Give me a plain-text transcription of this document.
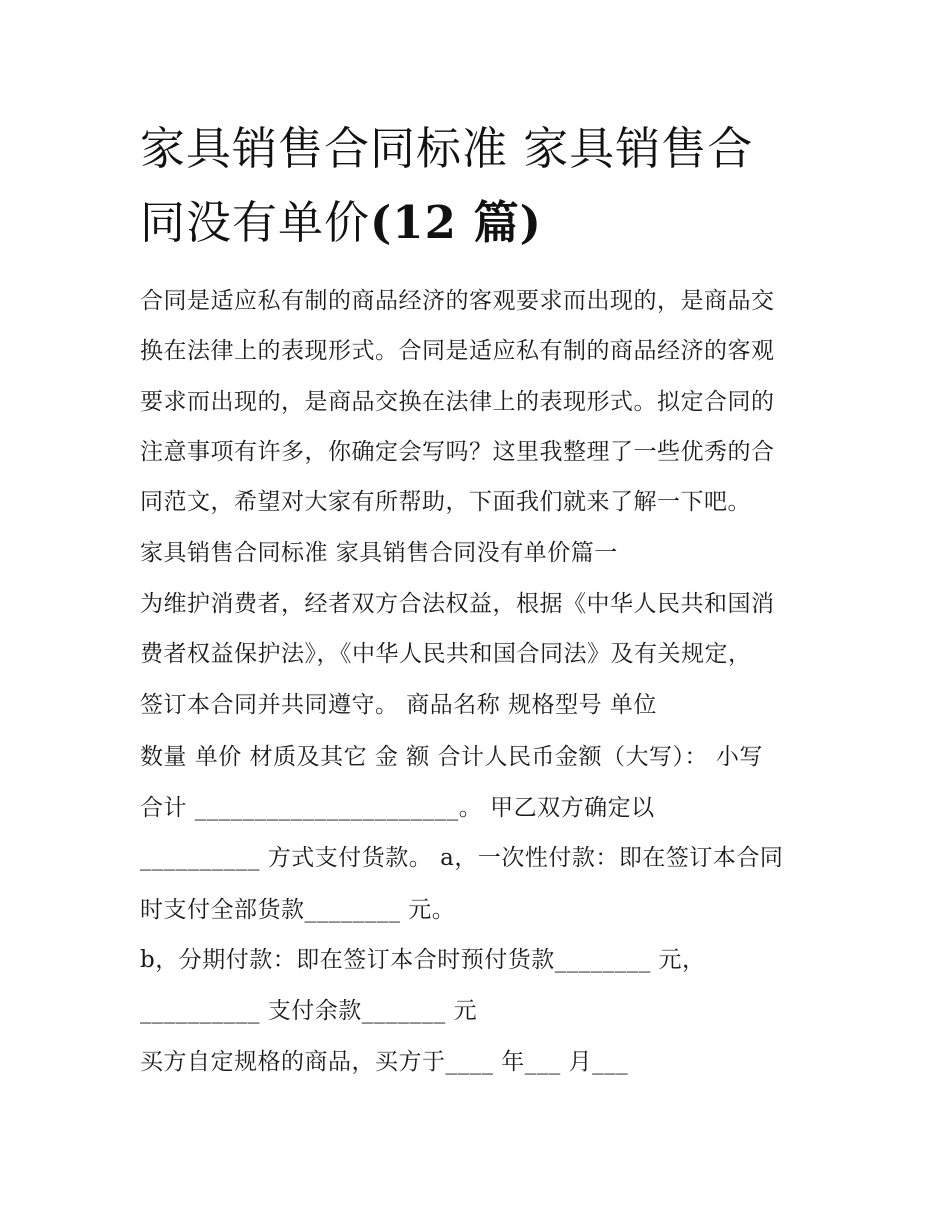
家具销售合同标准 家具销售合
同没有单价(12 篇)

合同是适应私有制的商品经济的客观要求而出现的，是商品交

换在法律上的表现形式。合同是适应私有制的商品经济的客观

要求而出现的，是商品交换在法律上的表现形式。拟定合同的

注意事项有许多，你确定会写吗？这里我整理了一些优秀的合

同范文，希望对大家有所帮助，下面我们就来了解一下吧。

家具销售合同标准 家具销售合同没有单价篇一

为维护消费者，经者双方合法权益，根据《中华人民共和国消

费者权益保护法》，《中华人民共和国合同法》及有关规定，

签订本合同并共同遵守。 商品名称 规格型号 单位

数量 单价 材质及其它 金 额 合计人民币金额（大写）： 小写

合计 ______________________。 甲乙双方确定以

__________ 方式支付货款。 a，一次性付款：即在签订本合同

时支付全部货款________ 元。

b，分期付款：即在签订本合时预付货款________ 元，

__________ 支付余款_______ 元

买方自定规格的商品，买方于____ 年___ 月___
